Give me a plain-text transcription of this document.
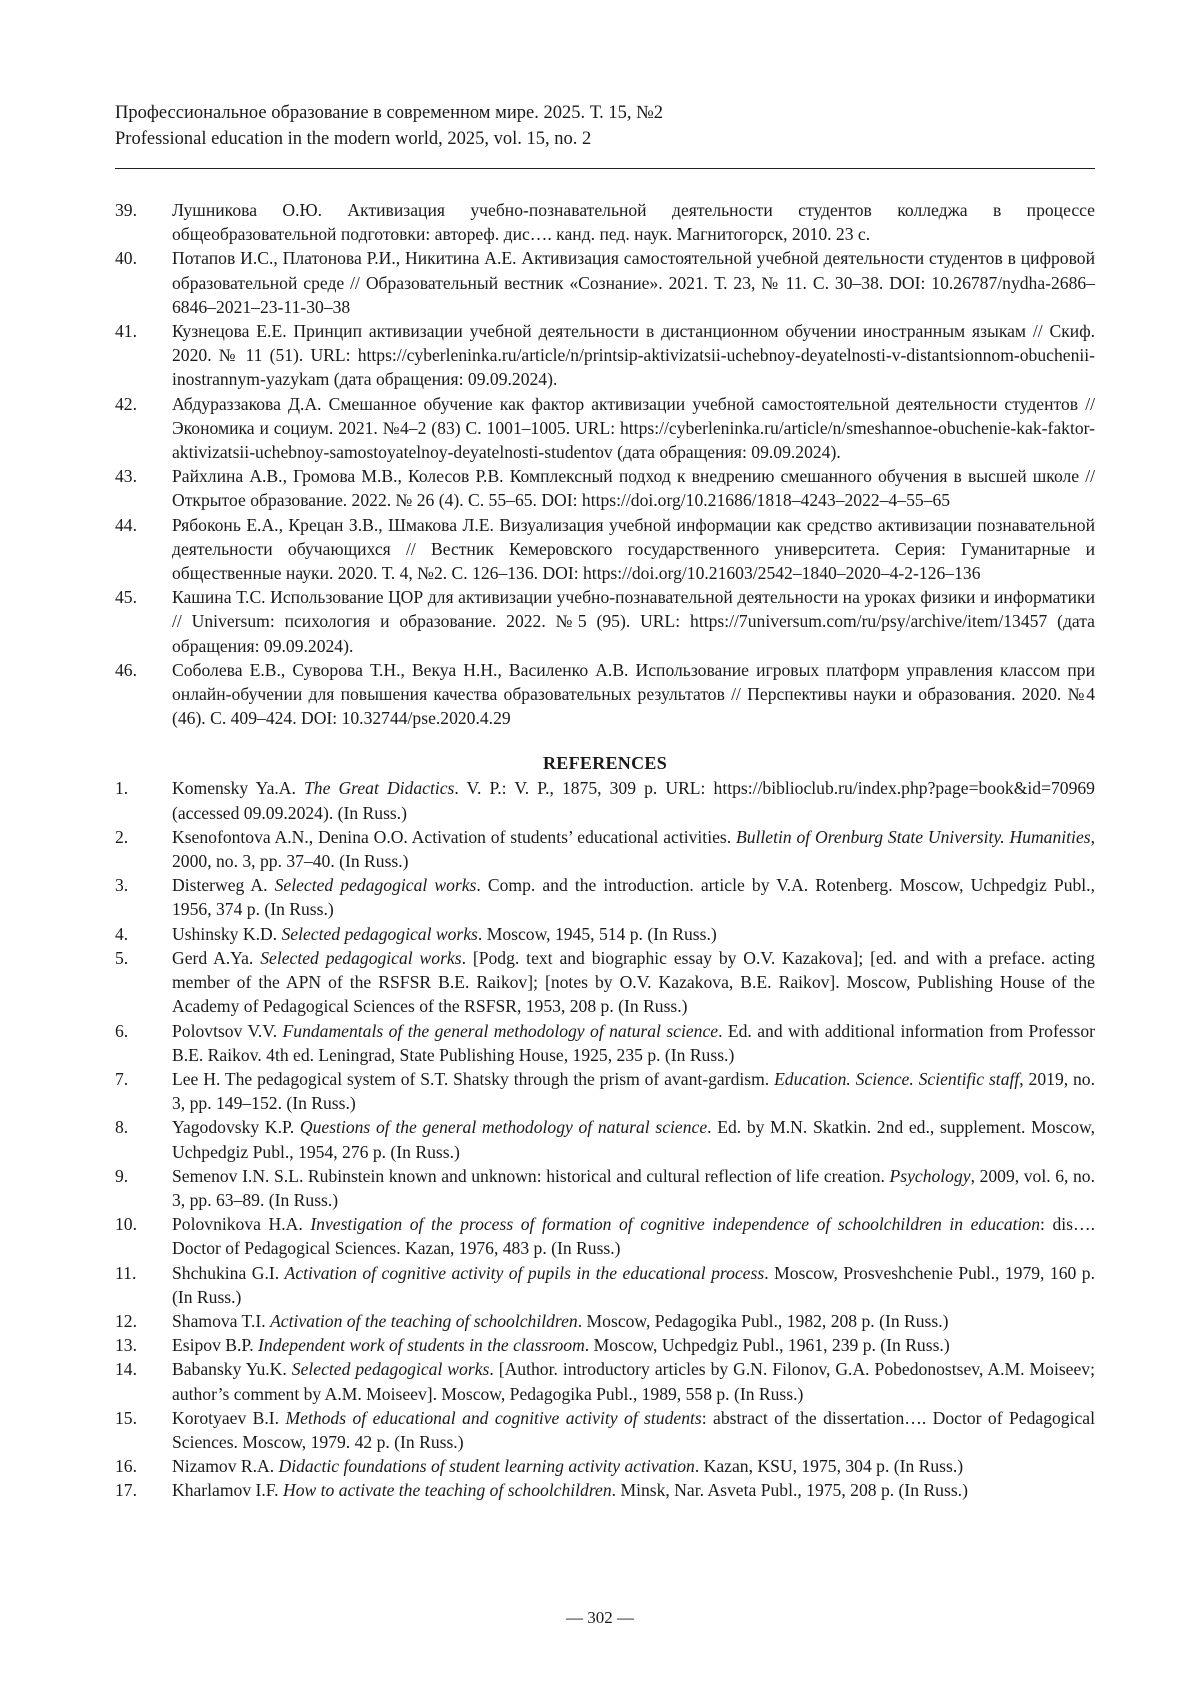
Профессиональное образование в современном мире. 2025. Т. 15, №2
Professional education in the modern world, 2025, vol. 15, no. 2
39.	Лушникова О.Ю. Активизация учебно-познавательной деятельности студентов колледжа в процессе общеобразовательной подготовки: автореф. дис…. канд. пед. наук. Магнитогорск, 2010. 23 с.
40.	Потапов И.С., Платонова Р.И., Никитина А.Е. Активизация самостоятельной учебной деятельности студентов в цифровой образовательной среде // Образовательный вестник «Сознание». 2021. Т. 23, № 11. С. 30–38. DOI: 10.26787/nydha-2686–6846–2021–23-11-30–38
41.	Кузнецова Е.Е. Принцип активизации учебной деятельности в дистанционном обучении иностранным языкам // Скиф. 2020. № 11 (51). URL: https://cyberleninka.ru/article/n/printsip-aktivizatsii-uchebnoy-deyatelnosti-v-distantsionnom-obuchenii-inostrannym-yazykam (дата обращения: 09.09.2024).
42.	Абдураззакова Д.А. Смешанное обучение как фактор активизации учебной самостоятельной деятельности студентов // Экономика и социум. 2021. №4–2 (83) С. 1001–1005. URL: https://cyberleninka.ru/article/n/smeshannoe-obuchenie-kak-faktor-aktivizatsii-uchebnoy-samostoyatelnoy-deyatelnosti-studentov (дата обращения: 09.09.2024).
43.	Райхлина А.В., Громова М.В., Колесов Р.В. Комплексный подход к внедрению смешанного обучения в высшей школе // Открытое образование. 2022. № 26 (4). С. 55–65. DOI: https://doi.org/10.21686/1818–4243–2022–4–55–65
44.	Рябоконь Е.А., Крецан З.В., Шмакова Л.Е. Визуализация учебной информации как средство активизации познавательной деятельности обучающихся // Вестник Кемеровского государственного университета. Серия: Гуманитарные и общественные науки. 2020. Т. 4, №2. С. 126–136. DOI: https://doi.org/10.21603/2542–1840–2020–4-2-126–136
45.	Кашина Т.С. Использование ЦОР для активизации учебно-познавательной деятельности на уроках физики и информатики // Universum: психология и образование. 2022. №5 (95). URL: https://7universum.com/ru/psy/archive/item/13457 (дата обращения: 09.09.2024).
46.	Соболева Е.В., Суворова Т.Н., Векуа Н.Н., Василенко А.В. Использование игровых платформ управления классом при онлайн-обучении для повышения качества образовательных результатов // Перспективы науки и образования. 2020. №4 (46). С. 409–424. DOI: 10.32744/pse.2020.4.29
REFERENCES
1.	Komensky Ya.A. The Great Didactics. V. P.: V. P., 1875, 309 p. URL: https://biblioclub.ru/index.php?page=book&id=70969 (accessed 09.09.2024). (In Russ.)
2.	Ksenofontova A.N., Denina O.O. Activation of students’ educational activities. Bulletin of Orenburg State University. Humanities, 2000, no. 3, pp. 37–40. (In Russ.)
3.	Disterweg A. Selected pedagogical works. Comp. and the introduction. article by V.A. Rotenberg. Moscow, Uchpedgiz Publ., 1956, 374 p. (In Russ.)
4.	Ushinsky K.D. Selected pedagogical works. Moscow, 1945, 514 p. (In Russ.)
5.	Gerd A.Ya. Selected pedagogical works. [Podg. text and biographic essay by O.V. Kazakova]; [ed. and with a preface. acting member of the APN of the RSFSR B.E. Raikov]; [notes by O.V. Kazakova, B.E. Raikov]. Moscow, Publishing House of the Academy of Pedagogical Sciences of the RSFSR, 1953, 208 p. (In Russ.)
6.	Polovtsov V.V. Fundamentals of the general methodology of natural science. Ed. and with additional information from Professor B.E. Raikov. 4th ed. Leningrad, State Publishing House, 1925, 235 p. (In Russ.)
7.	Lee H. The pedagogical system of S.T. Shatsky through the prism of avant-gardism. Education. Science. Scientific staff, 2019, no. 3, pp. 149–152. (In Russ.)
8.	Yagodovsky K.P. Questions of the general methodology of natural science. Ed. by M.N. Skatkin. 2nd ed., supplement. Moscow, Uchpedgiz Publ., 1954, 276 p. (In Russ.)
9.	Semenov I.N. S.L. Rubinstein known and unknown: historical and cultural reflection of life creation. Psychology, 2009, vol. 6, no. 3, pp. 63–89. (In Russ.)
10.	Polovnikova H.A. Investigation of the process of formation of cognitive independence of schoolchildren in education: dis…. Doctor of Pedagogical Sciences. Kazan, 1976, 483 p. (In Russ.)
11.	Shchukina G.I. Activation of cognitive activity of pupils in the educational process. Moscow, Prosveshchenie Publ., 1979, 160 p. (In Russ.)
12.	Shamova T.I. Activation of the teaching of schoolchildren. Moscow, Pedagogika Publ., 1982, 208 p. (In Russ.)
13.	Esipov B.P. Independent work of students in the classroom. Moscow, Uchpedgiz Publ., 1961, 239 p. (In Russ.)
14.	Babansky Yu.K. Selected pedagogical works. [Author. introductory articles by G.N. Filonov, G.A. Pobedonostsev, A.M. Moiseev; author’s comment by A.M. Moiseev]. Moscow, Pedagogika Publ., 1989, 558 p. (In Russ.)
15.	Korotyaev B.I. Methods of educational and cognitive activity of students: abstract of the dissertation…. Doctor of Pedagogical Sciences. Moscow, 1979. 42 p. (In Russ.)
16.	Nizamov R.A. Didactic foundations of student learning activity activation. Kazan, KSU, 1975, 304 p. (In Russ.)
17.	Kharlamov I.F. How to activate the teaching of schoolchildren. Minsk, Nar. Asveta Publ., 1975, 208 p. (In Russ.)
— 302 —
